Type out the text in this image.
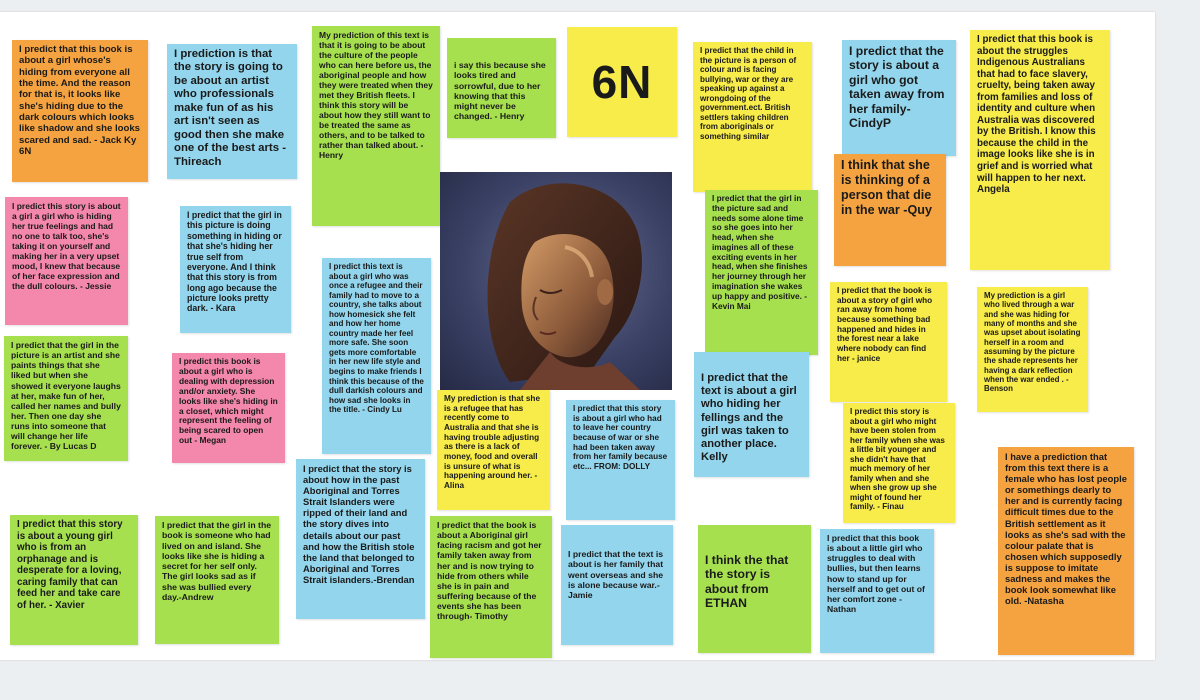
I predict that this book is about a girl whose's hiding from everyone all the time. And the reason for that is, it looks like she's hiding due to the dark colours which looks like shadow and she looks scared and sad. - Jack Ky 6N
I prediction is that the story is going to be about an artist who professionals make fun of as his art isn't seen as good then she make one of the best arts - Thireach
My prediction of this text is that it is going to be about the culture of the people who can here before us, the aboriginal people and how they were treated when they met they British fleets. I think this story will be about how they still want to be treated the same as others, and to be talked to rather than talked about. - Henry
i say this because she looks tired and sorrowful, due to her knowing that this might never be changed. - Henry
6N
I predict that the child in the picture is a person of colour and is facing bullying, war or they are speaking up against a wrongdoing of the government.ect. British settlers taking children from aboriginals or something similar
I predict that the story is about a girl who got taken away from her family- CindyP
I predict that this book is about the struggles Indigenous Australians that had to face slavery, cruelty, being taken away from families and loss of identity and culture when Australia was discovered by the British. I know this because the child in the image looks like she is in grief and is worried what will happen to her next. Angela
I predict this story is about a girl a girl who is hiding her true feelings and had no one to talk too, she's taking it on yourself and making her in a very upset mood, I knew that because of her face expression and the dull colours. - Jessie
I predict that the girl in this picture is doing something in hiding or that she's hiding her true self from everyone. And I think that this story is from long ago because the picture looks pretty dark. - Kara
I predict this text is about a girl who was once a refugee and their family had to move to a country, she talks about how homesick she felt and how her home country made her feel more safe. She soon gets more comfortable in her new life style and begins to make friends I think this because of the dull darkish colours and how sad she looks in the title. - Cindy Lu
I predict that the girl in the picture sad and needs some alone time so she goes into her head, when she imagines all of these exciting events in her head, when she finishes her journey through her imagination she wakes up happy and positive. -Kevin Mai
I think that she is thinking of a person that die in the war -Quy
I predict that the book is about a story of girl who ran away from home because something bad happened and hides in the forest near a lake where nobody can find her - janice
My prediction is a girl who lived through a war and she was hiding for many of months and she was upset about isolating herself in a room and assuming by the picture the shade represents her having a dark reflection when the war ended . - Benson
I predict that the girl in the picture is an artist and she paints things that she liked but when she showed it everyone laughs at her, make fun of her, called her names and bully her. Then one day she runs into someone that will change her life forever. - By Lucas D
I predict this book is about a girl who is dealing with depression and/or anxiety. She looks like she's hiding in a closet, which might represent the feeling of being scared to open out - Megan
My prediction is that she is a refugee that has recently come to Australia and that she is having trouble adjusting as there is a lack of money, food and overall is unsure of what is happening around her. - Alina
I predict that this story is about a girl who had to leave her country because of war or she had been taken away from her family because etc... FROM: DOLLY
I predict that the text is about a girl who hiding her fellings and the girl was taken to another place. Kelly
I predict this story is about a girl who might have been stolen from her family when she was a little bit younger and she didn't have that much memory of her family when and she when she grow up she might of found her family. - Finau
I have a prediction that from this text there is a female who has lost people or somethings dearly to her and is currently facing difficult times due to the British settlement as it looks as she's sad with the colour palate that is chosen which supposedly is suppose to imitate sadness and makes the book look somewhat like old. -Natasha
I predict that the story is about how in the past Aboriginal and Torres Strait Islanders were ripped of their land and the story dives into details about our past and how the British stole the land that belonged to Aboriginal and Torres Strait islanders.-Brendan
I predict that this story is about a young girl who is from an orphanage and is desperate for a loving, caring family that can feed her and take care of her. - Xavier
I predict that the girl in the book is someone who had lived on and island. She looks like she is hiding a secret for her self only. The girl looks sad as if she was bullied every day.-Andrew
I predict that the book is about a Aboriginal girl facing racism and got her family taken away from her and is now trying to hide from others while she is in pain and suffering because of the events she has been through- Timothy
I predict that the text is about is her family that went overseas and she is alone because war.-Jamie
I think the that the story is about from ETHAN
I predict that this book is about a little girl who struggles to deal with bullies, but then learns how to stand up for herself and to get out of her comfort zone -Nathan
